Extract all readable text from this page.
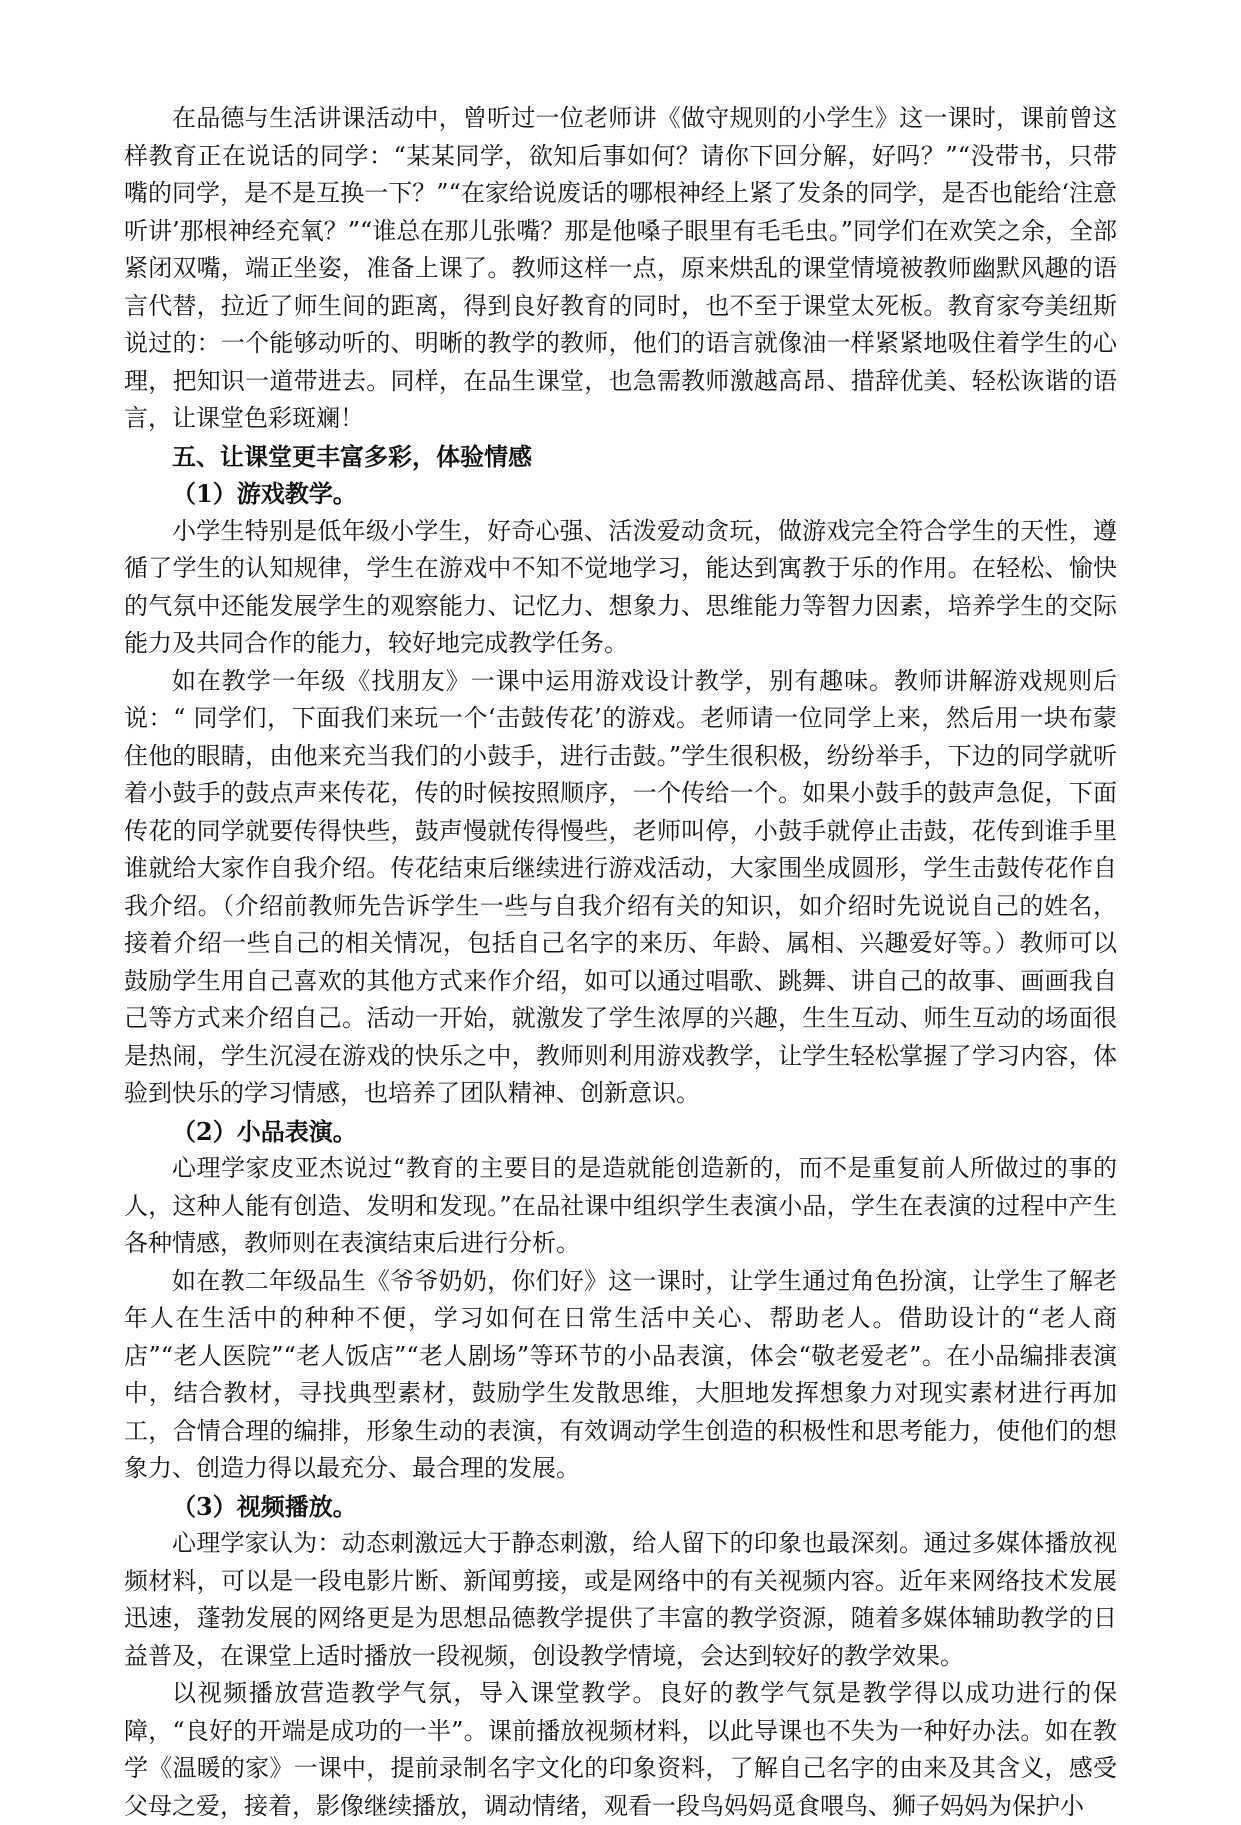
在品德与生活讲课活动中，曾听过一位老师讲《做守规则的小学生》这一课时，课前曾这样教育正在说话的同学：“某某同学，欲知后事如何？请你下回分解，好吗？”“没带书，只带嘴的同学，是不是互换一下？”“在家给说废话的哪根神经上紧了发条的同学，是否也能给‘注意听讲’那根神经充氧？”“谁总在那儿张嘴？那是他嗓子眼里有毛毛虫。”同学们在欢笑之余，全部紧闭双嘴，端正坐姿，准备上课了。教师这样一点，原来烘乱的课堂情境被教师幽默风趣的语言代替，拉近了师生间的距离，得到良好教育的同时，也不至于课堂太死板。教育家夸美纽斯说过的：一个能够动听的、明晰的教学的教师，他们的语言就像油一样紧紧地吸住着学生的心理，把知识一道带进去。同样，在品生课堂，也急需教师激越高昂、措辞优美、轻松诙谐的语言，让课堂色彩斑斓！

五、让课堂更丰富多彩，体验情感

（1）游戏教学。

小学生特别是低年级小学生，好奇心强、活泼爱动贪玩，做游戏完全符合学生的天性，遵循了学生的认知规律，学生在游戏中不知不觉地学习，能达到寓教于乐的作用。在轻松、愉快的气氛中还能发展学生的观察能力、记忆力、想象力、思维能力等智力因素，培养学生的交际能力及共同合作的能力，较好地完成教学任务。

如在教学一年级《找朋友》一课中运用游戏设计教学，别有趣味。教师讲解游戏规则后说：“ 同学们，下面我们来玩一个‘击鼓传花’的游戏。老师请一位同学上来，然后用一块布蒙住他的眼睛，由他来充当我们的小鼓手，进行击鼓。”学生很积极，纷纷举手，下边的同学就听着小鼓手的鼓点声来传花，传的时候按照顺序，一个传给一个。如果小鼓手的鼓声急促，下面传花的同学就要传得快些，鼓声慢就传得慢些，老师叫停，小鼓手就停止击鼓，花传到谁手里谁就给大家作自我介绍。传花结束后继续进行游戏活动，大家围坐成圆形，学生击鼓传花作自我介绍。（介绍前教师先告诉学生一些与自我介绍有关的知识，如介绍时先说说自己的姓名，接着介绍一些自己的相关情况，包括自己名字的来历、年龄、属相、兴趣爱好等。）教师可以鼓励学生用自己喜欢的其他方式来作介绍，如可以通过唱歌、跳舞、讲自己的故事、画画我自己等方式来介绍自己。活动一开始，就激发了学生浓厚的兴趣，生生互动、师生互动的场面很是热闹，学生沉浸在游戏的快乐之中，教师则利用游戏教学，让学生轻松掌握了学习内容，体验到快乐的学习情感，也培养了团队精神、创新意识。

（2）小品表演。

心理学家皮亚杰说过“教育的主要目的是造就能创造新的，而不是重复前人所做过的事的人，这种人能有创造、发明和发现。”在品社课中组织学生表演小品，学生在表演的过程中产生各种情感，教师则在表演结束后进行分析。

如在教二年级品生《爷爷奶奶，你们好》这一课时，让学生通过角色扮演，让学生了解老年人在生活中的种种不便，学习如何在日常生活中关心、帮助老人。借助设计的“老人商店”“老人医院”“老人饭店”“老人剧场”等环节的小品表演，体会“敬老爱老”。在小品编排表演中，结合教材，寻找典型素材，鼓励学生发散思维，大胆地发挥想象力对现实素材进行再加工，合情合理的编排，形象生动的表演，有效调动学生创造的积极性和思考能力，使他们的想象力、创造力得以最充分、最合理的发展。

（3）视频播放。

心理学家认为：动态刺激远大于静态刺激，给人留下的印象也最深刻。通过多媒体播放视频材料，可以是一段电影片断、新闻剪接，或是网络中的有关视频内容。近年来网络技术发展迅速，蓬勃发展的网络更是为思想品德教学提供了丰富的教学资源，随着多媒体辅助教学的日益普及，在课堂上适时播放一段视频，创设教学情境，会达到较好的教学效果。

以视频播放营造教学气氛，导入课堂教学。良好的教学气氛是教学得以成功进行的保障，“良好的开端是成功的一半”。课前播放视频材料，以此导课也不失为一种好办法。如在教学《温暖的家》一课中，提前录制名字文化的印象资料，了解自己名字的由来及其含义，感受父母之爱，接着，影像继续播放，调动情绪，观看一段鸟妈妈觅食喂鸟、狮子妈妈为保护小
